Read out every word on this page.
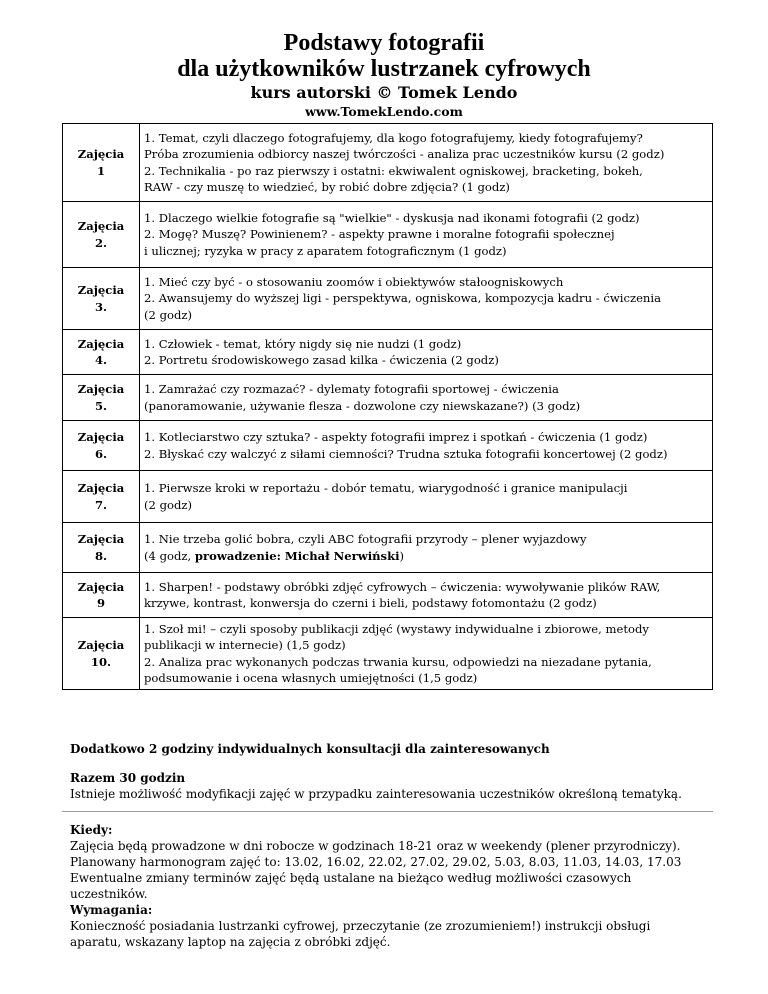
Podstawy fotografii
dla użytkowników lustrzanek cyfrowych
kurs autorski © Tomek Lendo
www.TomekLendo.com
Zajęcia
1	1. Temat, czyli dlaczego fotografujemy, dla kogo fotografujemy, kiedy fotografujemy?
Próba zrozumienia odbiorcy naszej twórczości - analiza prac uczestników kursu (2 godz)
2. Technikalia - po raz pierwszy i ostatni: ekwiwalent ogniskowej, bracketing, bokeh,
RAW - czy muszę to wiedzieć, by robić dobre zdjęcia? (1 godz)

Zajęcia
2.	1. Dlaczego wielkie fotografie są "wielkie" - dyskusja nad ikonami fotografii (2 godz)
2. Mogę? Muszę? Powinienem? - aspekty prawne i moralne fotografii społecznej
i ulicznej; ryzyka w pracy z aparatem fotograficznym (1 godz)

Zajęcia
3.	1. Mieć czy być - o stosowaniu zoomów i obiektywów stałoogniskowych
2. Awansujemy do wyższej ligi - perspektywa, ogniskowa, kompozycja kadru - ćwiczenia
(2 godz)

Zajęcia
4.	1. Człowiek - temat, który nigdy się nie nudzi (1 godz)
2. Portretu środowiskowego zasad kilka - ćwiczenia (2 godz)

Zajęcia
5.	1. Zamrażać czy rozmazać? - dylematy fotografii sportowej - ćwiczenia
(panoramowanie, używanie flesza - dozwolone czy niewskazane?) (3 godz)

Zajęcia
6.	1. Kotleciarstwo czy sztuka? - aspekty fotografii imprez i spotkań - ćwiczenia (1 godz)
2. Błyskać czy walczyć z siłami ciemności? Trudna sztuka fotografii koncertowej (2 godz)

Zajęcia
7.	1. Pierwsze kroki w reportażu - dobór tematu, wiarygodność i granice manipulacji
(2 godz)

Zajęcia
8.	1. Nie trzeba golić bobra, czyli ABC fotografii przyrody – plener wyjazdowy
(4 godz, prowadzenie: Michał Nerwiński)

Zajęcia
9	1. Sharpen! - podstawy obróbki zdjęć cyfrowych – ćwiczenia: wywoływanie plików RAW,
krzywe, kontrast, konwersja do czerni i bieli, podstawy fotomontażu (2 godz)

Zajęcia
10.	1. Szoł mi! – czyli sposoby publikacji zdjęć (wystawy indywidualne i zbiorowe, metody
publikacji w internecie) (1,5 godz)
2. Analiza prac wykonanych podczas trwania kursu, odpowiedzi na niezadane pytania,
podsumowanie i ocena własnych umiejętności (1,5 godz)
Dodatkowo 2 godziny indywidualnych konsultacji dla zainteresowanych
Razem 30 godzin
Istnieje możliwość modyfikacji zajęć w przypadku zainteresowania uczestników określoną tematyką.
Kiedy:
Zajęcia będą prowadzone w dni robocze w godzinach 18-21 oraz w weekendy (plener przyrodniczy).
Planowany harmonogram zajęć to: 13.02, 16.02, 22.02, 27.02, 29.02, 5.03, 8.03, 11.03, 14.03, 17.03
Ewentualne zmiany terminów zajęć będą ustalane na bieżąco według możliwości czasowych
uczestników.
Wymagania:
Konieczność posiadania lustrzanki cyfrowej, przeczytanie (ze zrozumieniem!) instrukcji obsługi
aparatu, wskazany laptop na zajęcia z obróbki zdjęć.
